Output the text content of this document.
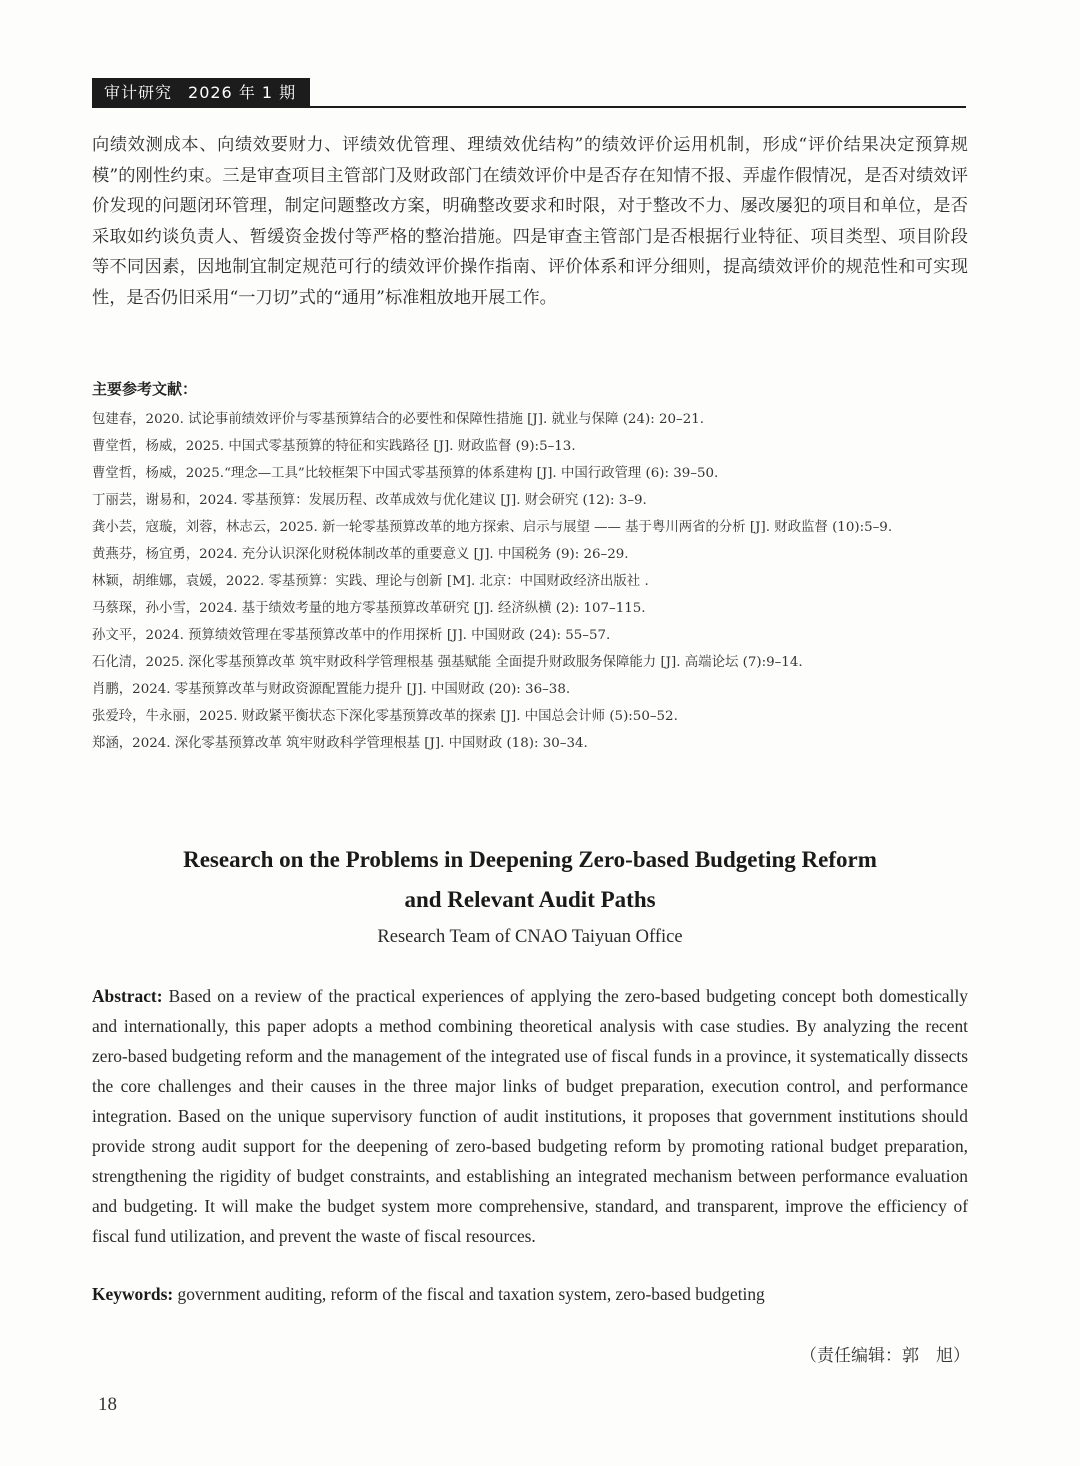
审计研究 2026 年 1 期

向绩效测成本、向绩效要财力、评绩效优管理、理绩效优结构”的绩效评价运用机制，形成“评价结果决定预算规模”的刚性约束。三是审查项目主管部门及财政部门在绩效评价中是否存在知情不报、弄虚作假情况，是否对绩效评价发现的问题闭环管理，制定问题整改方案，明确整改要求和时限，对于整改不力、屡改屡犯的项目和单位，是否采取如约谈负责人、暂缓资金拨付等严格的整治措施。四是审查主管部门是否根据行业特征、项目类型、项目阶段等不同因素，因地制宜制定规范可行的绩效评价操作指南、评价体系和评分细则，提高绩效评价的规范性和可实现性，是否仍旧采用“一刀切”式的“通用”标准粗放地开展工作。

主要参考文献：
包建春，2020. 试论事前绩效评价与零基预算结合的必要性和保障性措施 [J]. 就业与保障 (24): 20–21.
曹堂哲，杨威，2025. 中国式零基预算的特征和实践路径 [J]. 财政监督 (9):5–13.
曹堂哲，杨威，2025.“理念—工具”比较框架下中国式零基预算的体系建构 [J]. 中国行政管理 (6): 39–50.
丁丽芸，谢易和，2024. 零基预算：发展历程、改革成效与优化建议 [J]. 财会研究 (12): 3–9.
龚小芸，寇璇，刘蓉，林志云，2025. 新一轮零基预算改革的地方探索、启示与展望 —— 基于粤川两省的分析 [J]. 财政监督 (10):5–9.
黄燕芬，杨宜勇，2024. 充分认识深化财税体制改革的重要意义 [J]. 中国税务 (9): 26–29.
林颖，胡维娜，袁媛，2022. 零基预算：实践、理论与创新 [M]. 北京：中国财政经济出版社 .
马蔡琛，孙小雪，2024. 基于绩效考量的地方零基预算改革研究 [J]. 经济纵横 (2): 107–115.
孙文平，2024. 预算绩效管理在零基预算改革中的作用探析 [J]. 中国财政 (24): 55–57.
石化清，2025. 深化零基预算改革 筑牢财政科学管理根基 强基赋能 全面提升财政服务保障能力 [J]. 高端论坛 (7):9–14.
肖鹏，2024. 零基预算改革与财政资源配置能力提升 [J]. 中国财政 (20): 36–38.
张爱玲，牛永丽，2025. 财政紧平衡状态下深化零基预算改革的探索 [J]. 中国总会计师 (5):50–52.
郑涵，2024. 深化零基预算改革 筑牢财政科学管理根基 [J]. 中国财政 (18): 30–34.
Research on the Problems in Deepening Zero-based Budgeting Reform
and Relevant Audit Paths

Research Team of CNAO Taiyuan Office

Abstract: Based on a review of the practical experiences of applying the zero-based budgeting concept both domestically and internationally, this paper adopts a method combining theoretical analysis with case studies. By analyzing the recent zero-based budgeting reform and the management of the integrated use of fiscal funds in a province, it systematically dissects the core challenges and their causes in the three major links of budget preparation, execution control, and performance integration. Based on the unique supervisory function of audit institutions, it proposes that government institutions should provide strong audit support for the deepening of zero-based budgeting reform by promoting rational budget preparation, strengthening the rigidity of budget constraints, and establishing an integrated mechanism between performance evaluation and budgeting. It will make the budget system more comprehensive, standard, and transparent, improve the efficiency of fiscal fund utilization, and prevent the waste of fiscal resources.

Keywords: government auditing, reform of the fiscal and taxation system, zero-based budgeting

（责任编辑：郭　旭）
18
